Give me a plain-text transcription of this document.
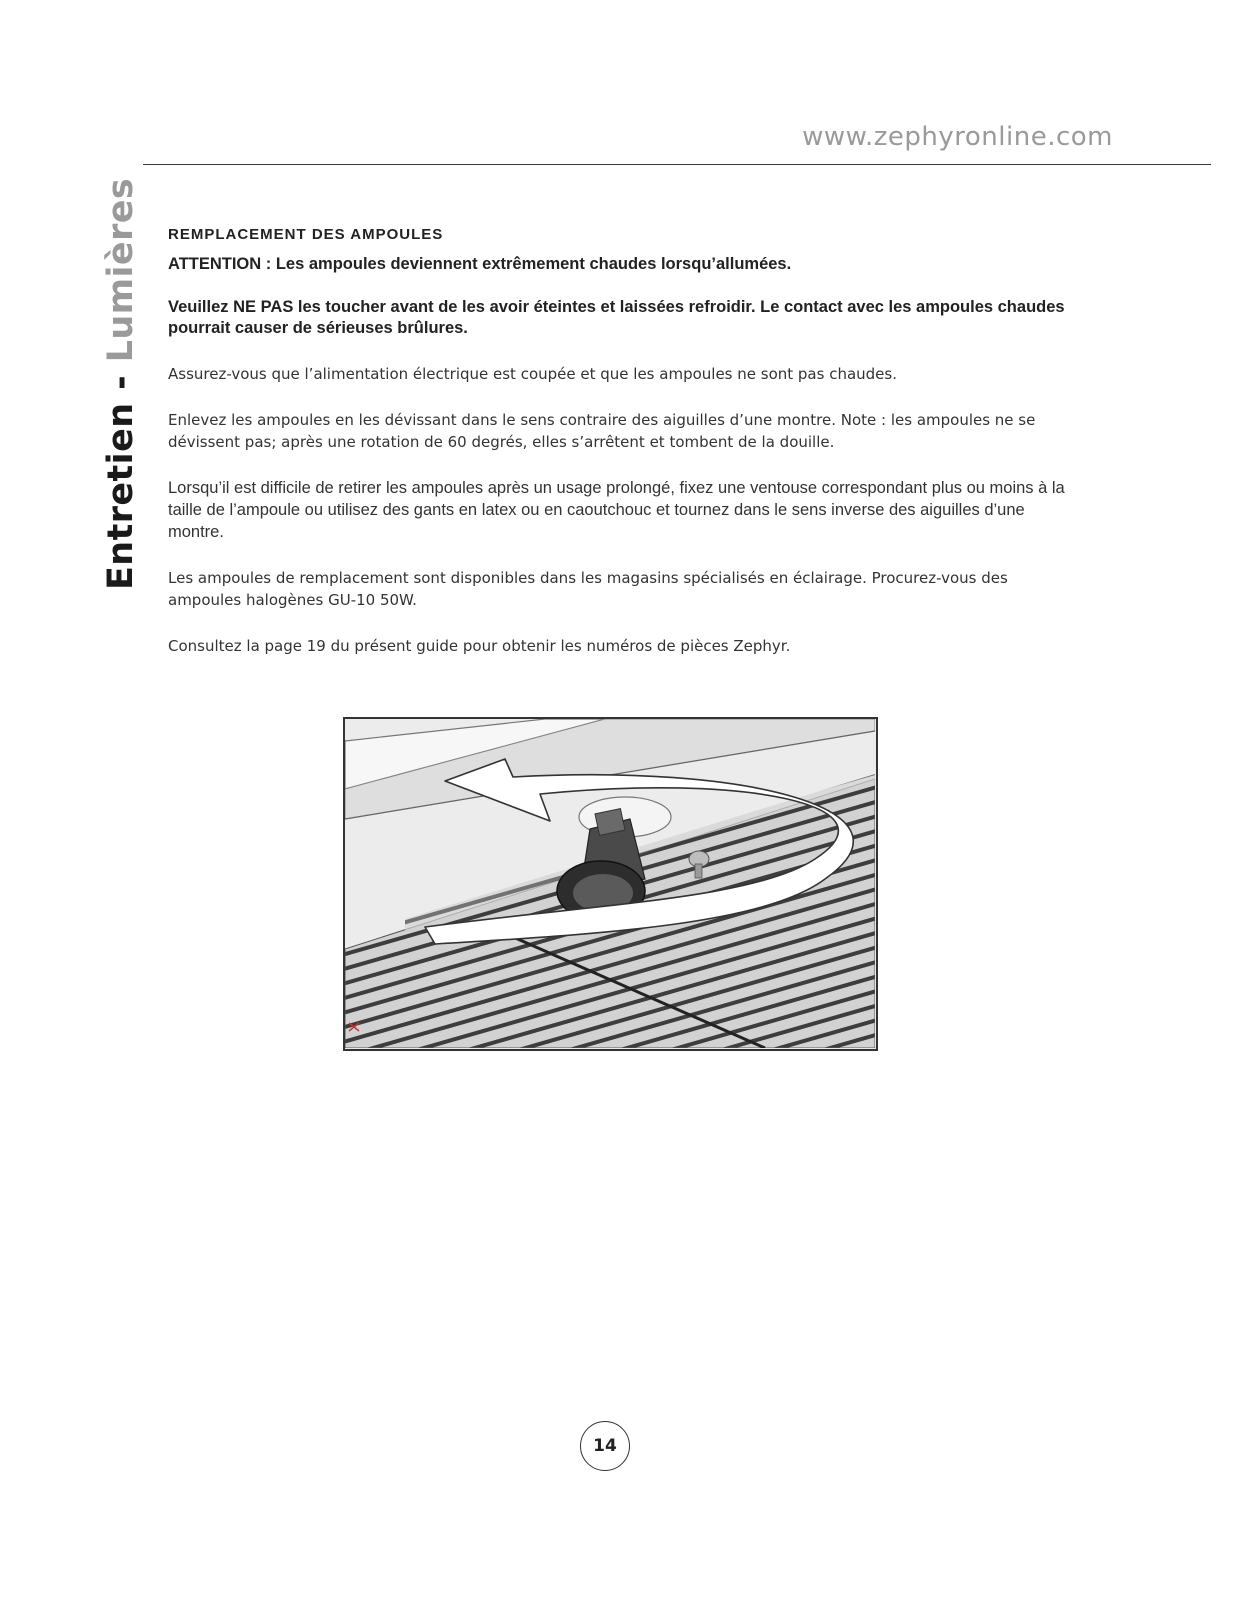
www.zephyronline.com
Entretien - Lumières REMPLACEMENT DES AMPOULES

ATTENTION : Les ampoules deviennent extrêmement chaudes lorsqu’allumées.

Veuillez NE PAS les toucher avant de les avoir éteintes et laissées refroidir. Le contact avec les ampoules chaudes pourrait causer de sérieuses brûlures.

Assurez-vous que l’alimentation électrique est coupée et que les ampoules ne sont pas chaudes.

Enlevez les ampoules en les dévissant dans le sens contraire des aiguilles d’une montre. Note : les ampoules ne se dévissent pas; après une rotation de 60 degrés, elles s’arrêtent et tombent de la douille.

Lorsqu’il est difficile de retirer les ampoules après un usage prolongé, fixez une ventouse correspondant plus ou moins à la taille de l’ampoule ou utilisez des gants en latex ou en caoutchouc et tournez dans le sens inverse des aiguilles d’une montre.

Les ampoules de remplacement sont disponibles dans les magasins spécialisés en éclairage. Procurez-vous des ampoules halogènes GU-10 50W.

Consultez la page 19 du présent guide pour obtenir les numéros de pièces Zephyr.

14
